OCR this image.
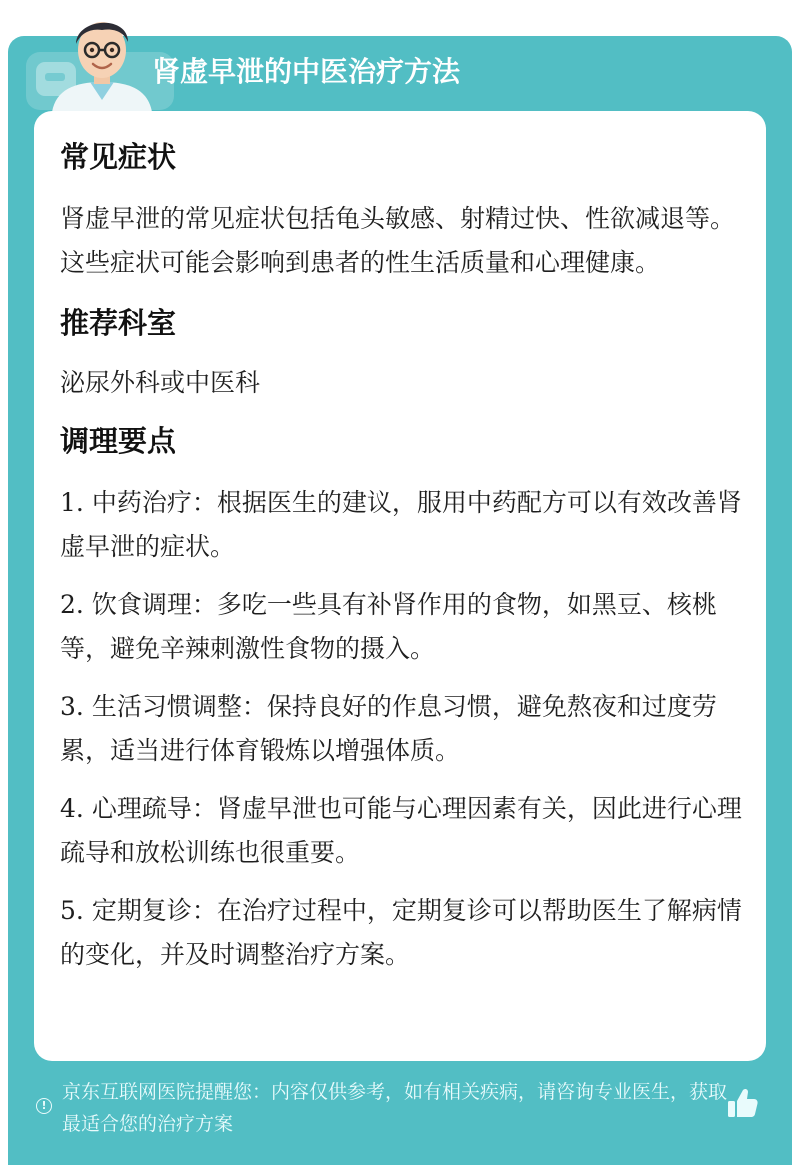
肾虚早泄的中医治疗方法
常见症状

肾虚早泄的常见症状包括龟头敏感、射精过快、性欲减退等。这些症状可能会影响到患者的性生活质量和心理健康。

推荐科室

泌尿外科或中医科

调理要点
1. 中药治疗：根据医生的建议，服用中药配方可以有效改善肾虚早泄的症状。
2. 饮食调理：多吃一些具有补肾作用的食物，如黑豆、核桃等，避免辛辣刺激性食物的摄入。
3. 生活习惯调整：保持良好的作息习惯，避免熬夜和过度劳累，适当进行体育锻炼以增强体质。
4. 心理疏导：肾虚早泄也可能与心理因素有关，因此进行心理疏导和放松训练也很重要。
5. 定期复诊：在治疗过程中，定期复诊可以帮助医生了解病情的变化，并及时调整治疗方案。
!
京东互联网医院提醒您：内容仅供参考，如有相关疾病，请咨询专业医生，获取最适合您的治疗方案
